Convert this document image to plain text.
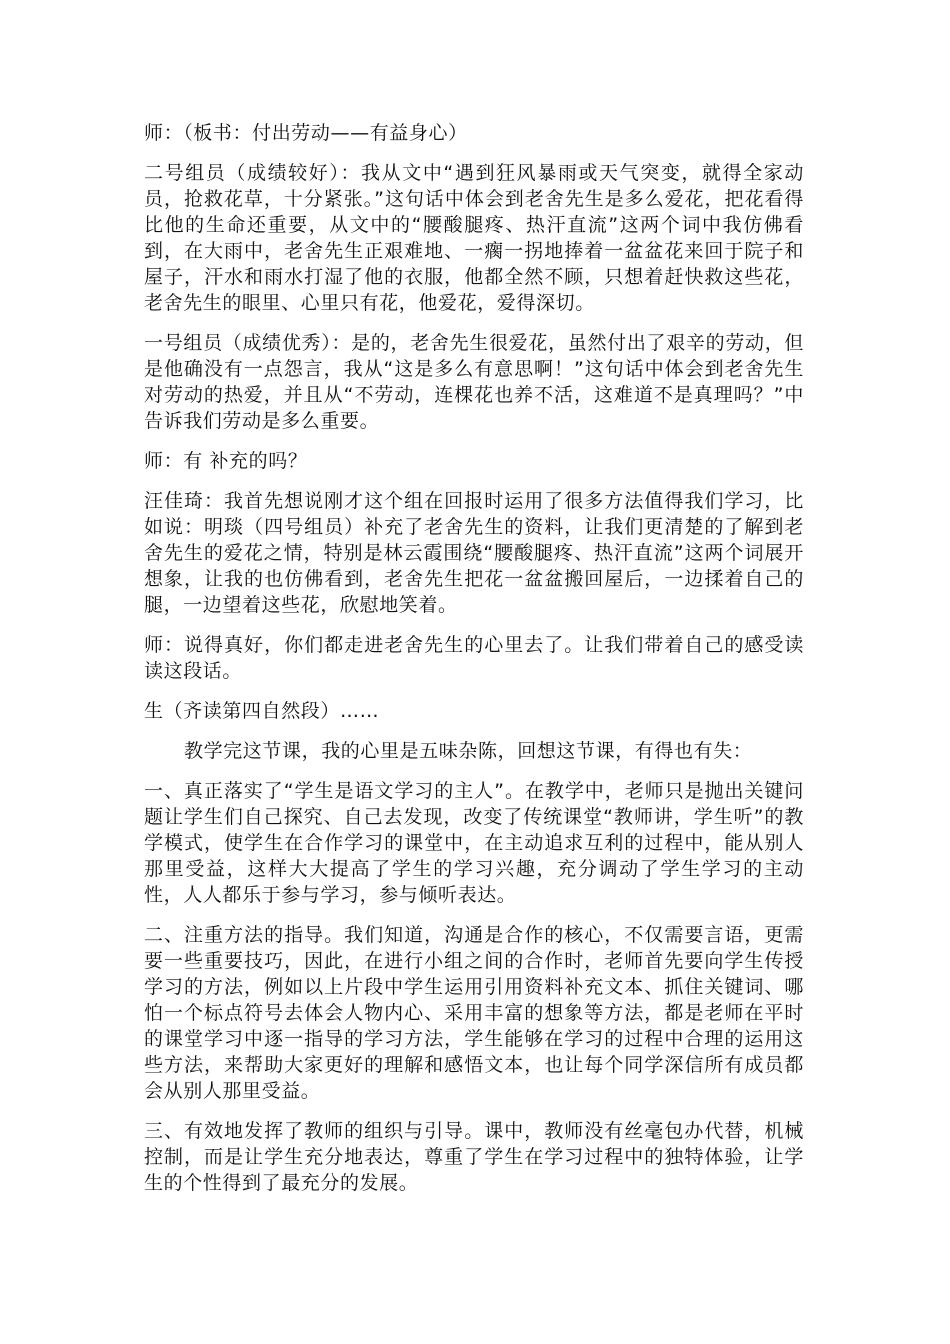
师：（板书：付出劳动——有益身心）

二号组员（成绩较好）：我从文中“遇到狂风暴雨或天气突变，就得全家动员，抢救花草，十分紧张。”这句话中体会到老舍先生是多么爱花，把花看得比他的生命还重要，从文中的“腰酸腿疼、热汗直流”这两个词中我仿佛看到，在大雨中，老舍先生正艰难地、一瘸一拐地捧着一盆盆花来回于院子和屋子，汗水和雨水打湿了他的衣服，他都全然不顾，只想着赶快救这些花，老舍先生的眼里、心里只有花，他爱花，爱得深切。

一号组员（成绩优秀）：是的，老舍先生很爱花，虽然付出了艰辛的劳动，但是他确没有一点怨言，我从“这是多么有意思啊！”这句话中体会到老舍先生对劳动的热爱，并且从“不劳动，连棵花也养不活，这难道不是真理吗？”中告诉我们劳动是多么重要。

师：有 补充的吗？

汪佳琦：我首先想说刚才这个组在回报时运用了很多方法值得我们学习，比如说：明琰（四号组员）补充了老舍先生的资料，让我们更清楚的了解到老舍先生的爱花之情，特别是林云霞围绕“腰酸腿疼、热汗直流”这两个词展开想象，让我的也仿佛看到，老舍先生把花一盆盆搬回屋后，一边揉着自己的腿，一边望着这些花，欣慰地笑着。

师：说得真好，你们都走进老舍先生的心里去了。让我们带着自己的感受读读这段话。

生（齐读第四自然段）……

教学完这节课，我的心里是五味杂陈，回想这节课，有得也有失：

一、真正落实了“学生是语文学习的主人”。在教学中，老师只是抛出关键问题让学生们自己探究、自己去发现，改变了传统课堂“教师讲，学生听”的教学模式，使学生在合作学习的课堂中，在主动追求互利的过程中，能从别人那里受益，这样大大提高了学生的学习兴趣，充分调动了学生学习的主动性，人人都乐于参与学习，参与倾听表达。

二、注重方法的指导。我们知道，沟通是合作的核心，不仅需要言语，更需要一些重要技巧，因此，在进行小组之间的合作时，老师首先要向学生传授学习的方法，例如以上片段中学生运用引用资料补充文本、抓住关键词、哪怕一个标点符号去体会人物内心、采用丰富的想象等方法，都是老师在平时的课堂学习中逐一指导的学习方法，学生能够在学习的过程中合理的运用这些方法，来帮助大家更好的理解和感悟文本，也让每个同学深信所有成员都会从别人那里受益。

三、有效地发挥了教师的组织与引导。课中，教师没有丝毫包办代替，机械控制，而是让学生充分地表达，尊重了学生在学习过程中的独特体验，让学生的个性得到了最充分的发展。
